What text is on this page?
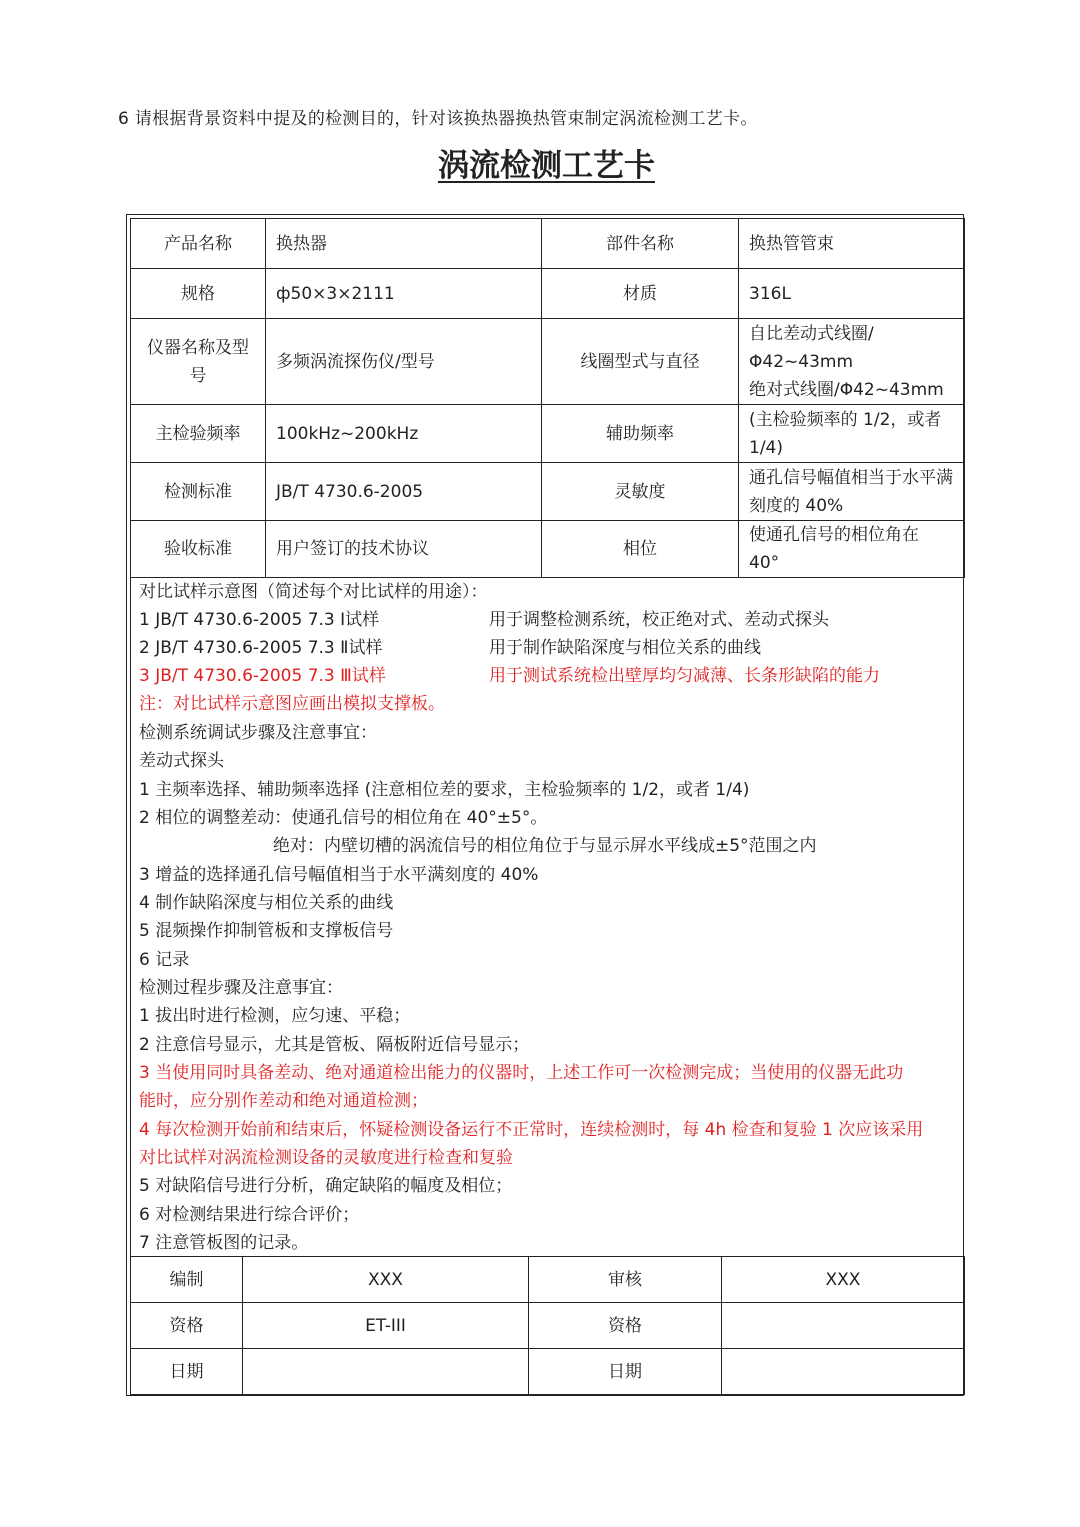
6 请根据背景资料中提及的检测目的，针对该换热器换热管束制定涡流检测工艺卡。
涡流检测工艺卡
产品名称	换热器	部件名称	换热管管束
规格	ф50×3×2111	材质	316L
仪器名称及型号	多频涡流探伤仪/型号	线圈型式与直径	自比差动式线圈/Φ42~43mm
绝对式线圈/Φ42~43mm
主检验频率	100kHz~200kHz	辅助频率	(主检验频率的 1/2，或者 1/4)
检测标准	JB/T 4730.6-2005	灵敏度	通孔信号幅值相当于水平满刻度的 40%
验收标准	用户签订的技术协议	相位	使通孔信号的相位角在 40°
对比试样示意图（简述每个对比试样的用途）：
1 JB/T 4730.6-2005 7.3 Ⅰ试样	用于调整检测系统，校正绝对式、差动式探头
2 JB/T 4730.6-2005 7.3 Ⅱ试样	用于制作缺陷深度与相位关系的曲线
3 JB/T 4730.6-2005 7.3 Ⅲ试样	用于测试系统检出壁厚均匀减薄、长条形缺陷的能力
注：对比试样示意图应画出模拟支撑板。
检测系统调试步骤及注意事宜：
差动式探头
1 主频率选择、辅助频率选择 (注意相位差的要求，主检验频率的 1/2，或者 1/4)
2 相位的调整差动：使通孔信号的相位角在 40°±5°。
绝对：内壁切槽的涡流信号的相位角位于与显示屏水平线成±5°范围之内
3 增益的选择通孔信号幅值相当于水平满刻度的 40%
4 制作缺陷深度与相位关系的曲线
5 混频操作抑制管板和支撑板信号
6 记录
检测过程步骤及注意事宜：
1 拔出时进行检测，应匀速、平稳；
2 注意信号显示，尤其是管板、隔板附近信号显示；
3 当使用同时具备差动、绝对通道检出能力的仪器时，上述工作可一次检测完成；当使用的仪器无此功
能时，应分别作差动和绝对通道检测；
4 每次检测开始前和结束后，怀疑检测设备运行不正常时，连续检测时，每 4h 检查和复验 1 次应该采用
对比试样对涡流检测设备的灵敏度进行检查和复验
5 对缺陷信号进行分析，确定缺陷的幅度及相位；
6 对检测结果进行综合评价；
7 注意管板图的记录。
编制	XXX	审核	XXX
资格	ET-III	资格	
日期		日期	
